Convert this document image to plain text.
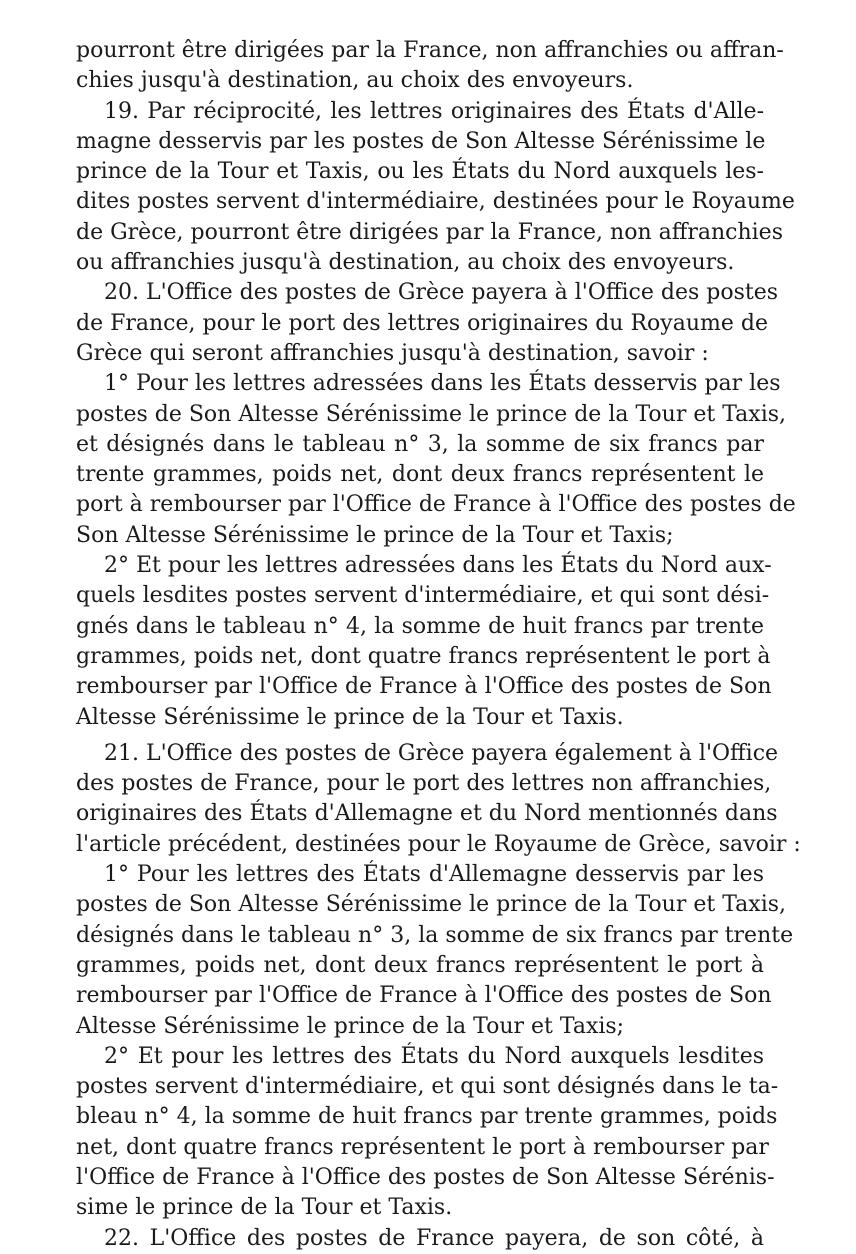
pourront être dirigées par la France, non affranchies ou affran-
chies jusqu'à destination, au choix des envoyeurs.
19. Par réciprocité, les lettres originaires des États d'Alle-
magne desservis par les postes de Son Altesse Sérénissime le
prince de la Tour et Taxis, ou les États du Nord auxquels les-
dites postes servent d'intermédiaire, destinées pour le Royaume
de Grèce, pourront être dirigées par la France, non affranchies
ou affranchies jusqu'à destination, au choix des envoyeurs.
20. L'Office des postes de Grèce payera à l'Office des postes
de France, pour le port des lettres originaires du Royaume de
Grèce qui seront affranchies jusqu'à destination, savoir :
1° Pour les lettres adressées dans les États desservis par les
postes de Son Altesse Sérénissime le prince de la Tour et Taxis,
et désignés dans le tableau n° 3, la somme de six francs par
trente grammes, poids net, dont deux francs représentent le
port à rembourser par l'Office de France à l'Office des postes de
Son Altesse Sérénissime le prince de la Tour et Taxis;
2° Et pour les lettres adressées dans les États du Nord aux-
quels lesdites postes servent d'intermédiaire, et qui sont dési-
gnés dans le tableau n° 4, la somme de huit francs par trente
grammes, poids net, dont quatre francs représentent le port à
rembourser par l'Office de France à l'Office des postes de Son
Altesse Sérénissime le prince de la Tour et Taxis.
21. L'Office des postes de Grèce payera également à l'Office
des postes de France, pour le port des lettres non affranchies,
originaires des États d'Allemagne et du Nord mentionnés dans
l'article précédent, destinées pour le Royaume de Grèce, savoir :
1° Pour les lettres des États d'Allemagne desservis par les
postes de Son Altesse Sérénissime le prince de la Tour et Taxis,
désignés dans le tableau n° 3, la somme de six francs par trente
grammes, poids net, dont deux francs représentent le port à
rembourser par l'Office de France à l'Office des postes de Son
Altesse Sérénissime le prince de la Tour et Taxis;
2° Et pour les lettres des États du Nord auxquels lesdites
postes servent d'intermédiaire, et qui sont désignés dans le ta-
bleau n° 4, la somme de huit francs par trente grammes, poids
net, dont quatre francs représentent le port à rembourser par
l'Office de France à l'Office des postes de Son Altesse Sérénis-
sime le prince de la Tour et Taxis.
22. L'Office des postes de France payera, de son côté, à
